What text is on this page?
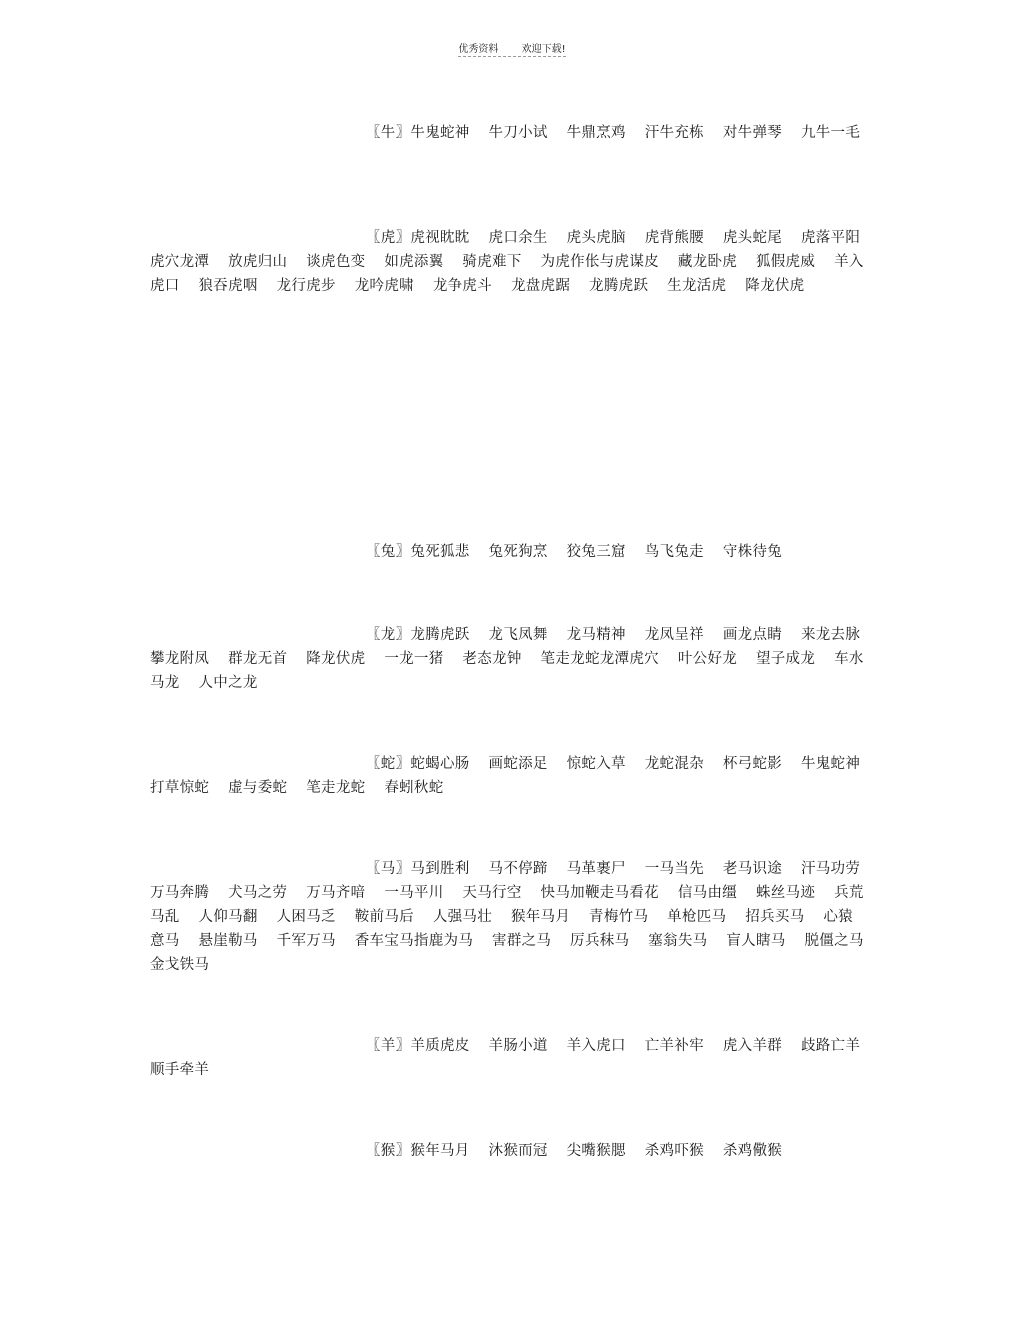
优秀资料 欢迎下载!
〖牛〗牛鬼蛇神 牛刀小试 牛鼎烹鸡 汗牛充栋 对牛弹琴 九牛一毛
〖虎〗虎视眈眈 虎口余生 虎头虎脑 虎背熊腰 虎头蛇尾 虎落平阳 虎穴龙潭 放虎归山 谈虎色变 如虎添翼 骑虎难下 为虎作伥与虎谋皮 藏龙卧虎 狐假虎威 羊入虎口 狼吞虎咽 龙行虎步 龙吟虎啸 龙争虎斗 龙盘虎踞 龙腾虎跃 生龙活虎 降龙伏虎
〖兔〗兔死狐悲 兔死狗烹 狡兔三窟 鸟飞兔走 守株待兔
〖龙〗龙腾虎跃 龙飞凤舞 龙马精神 龙凤呈祥 画龙点睛 来龙去脉 攀龙附凤 群龙无首 降龙伏虎 一龙一猪 老态龙钟 笔走龙蛇龙潭虎穴 叶公好龙 望子成龙 车水马龙 人中之龙
〖蛇〗蛇蝎心肠 画蛇添足 惊蛇入草 龙蛇混杂 杯弓蛇影 牛鬼蛇神 打草惊蛇 虚与委蛇 笔走龙蛇 春蚓秋蛇
〖马〗马到胜利 马不停蹄 马革裹尸 一马当先 老马识途 汗马功劳 万马奔腾 犬马之劳 万马齐喑 一马平川 天马行空 快马加鞭走马看花 信马由缰 蛛丝马迹 兵荒马乱 人仰马翻 人困马乏 鞍前马后 人强马壮 猴年马月 青梅竹马 单枪匹马 招兵买马 心猿意马 悬崖勒马 千军万马 香车宝马指鹿为马 害群之马 厉兵秣马 塞翁失马 盲人瞎马 脱僵之马 金戈铁马
〖羊〗羊质虎皮 羊肠小道 羊入虎口 亡羊补牢 虎入羊群 歧路亡羊 顺手牵羊
〖猴〗猴年马月 沐猴而冠 尖嘴猴腮 杀鸡吓猴 杀鸡儆猴
